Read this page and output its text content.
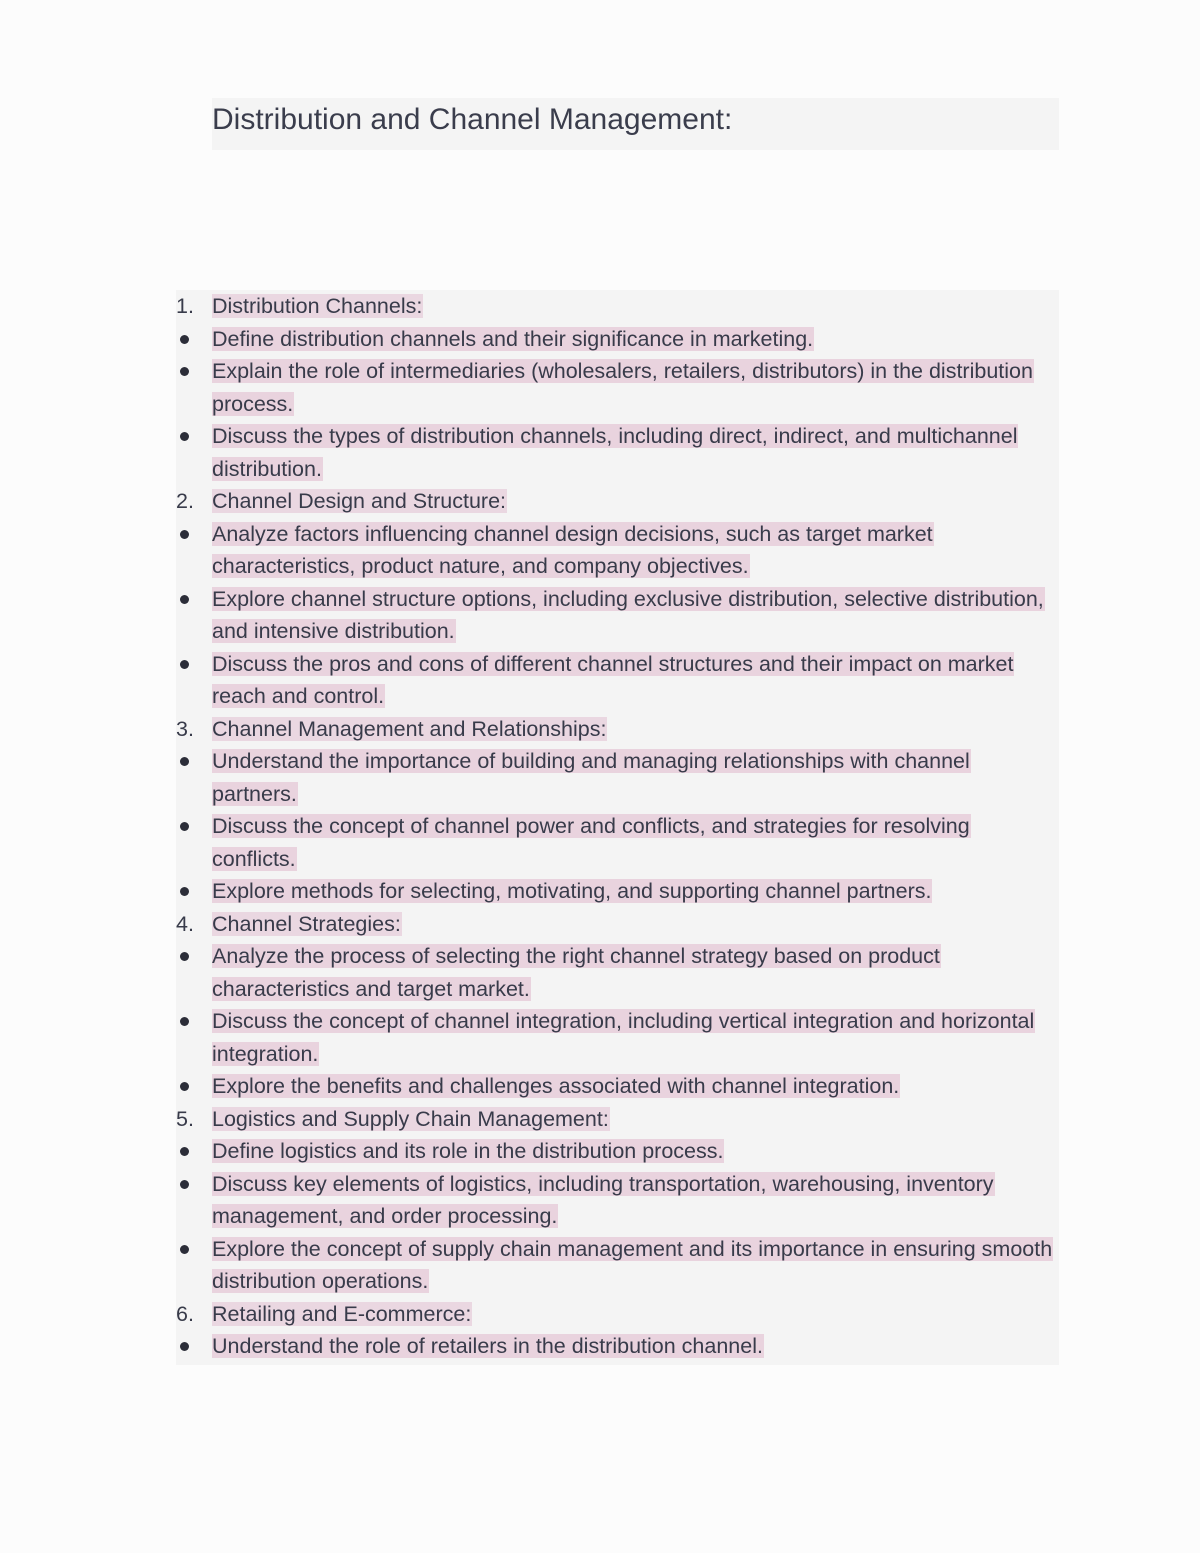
Distribution and Channel Management:
1. Distribution Channels:
Define distribution channels and their significance in marketing.
Explain the role of intermediaries (wholesalers, retailers, distributors) in the distribution process.
Discuss the types of distribution channels, including direct, indirect, and multichannel distribution.
2. Channel Design and Structure:
Analyze factors influencing channel design decisions, such as target market characteristics, product nature, and company objectives.
Explore channel structure options, including exclusive distribution, selective distribution, and intensive distribution.
Discuss the pros and cons of different channel structures and their impact on market reach and control.
3. Channel Management and Relationships:
Understand the importance of building and managing relationships with channel partners.
Discuss the concept of channel power and conflicts, and strategies for resolving conflicts.
Explore methods for selecting, motivating, and supporting channel partners.
4. Channel Strategies:
Analyze the process of selecting the right channel strategy based on product characteristics and target market.
Discuss the concept of channel integration, including vertical integration and horizontal integration.
Explore the benefits and challenges associated with channel integration.
5. Logistics and Supply Chain Management:
Define logistics and its role in the distribution process.
Discuss key elements of logistics, including transportation, warehousing, inventory management, and order processing.
Explore the concept of supply chain management and its importance in ensuring smooth distribution operations.
6. Retailing and E-commerce:
Understand the role of retailers in the distribution channel.
